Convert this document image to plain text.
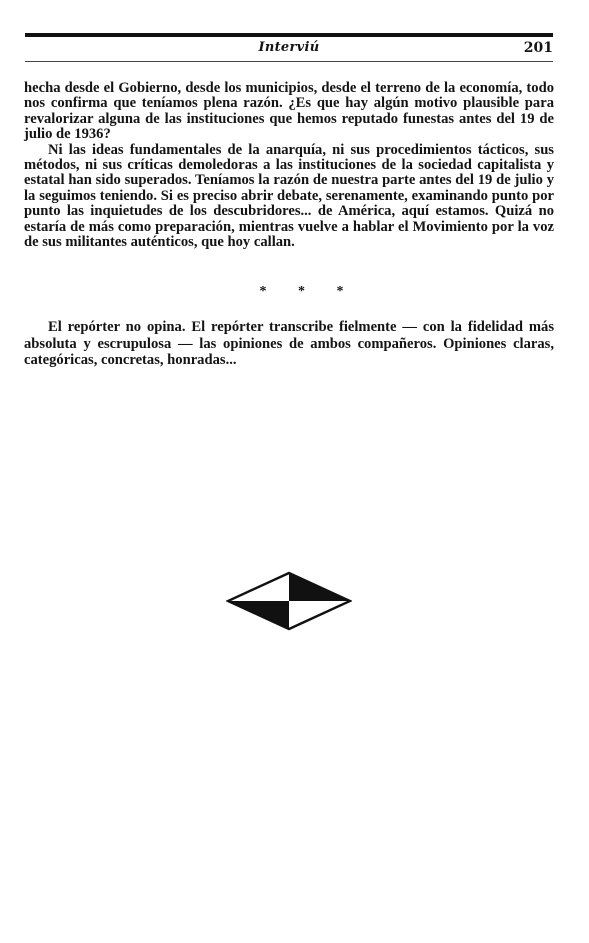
Interviú	201

hecha desde el Gobierno, desde los municipios, desde el terreno de la economía, todo nos confirma que teníamos plena razón. ¿Es que hay algún motivo plausible para revalorizar alguna de las instituciones que hemos reputado funestas antes del 19 de julio de 1936?

Ni las ideas fundamentales de la anarquía, ni sus procedimientos tácticos, sus métodos, ni sus críticas demoledoras a las instituciones de la sociedad capitalista y estatal han sido superados. Teníamos la razón de nuestra parte antes del 19 de julio y la seguimos teniendo. Si es preciso abrir debate, serenamente, examinando punto por punto las inquietudes de los descubridores... de América, aquí estamos. Quizá no estaría de más como preparación, mientras vuelve a hablar el Movimiento por la voz de sus militantes auténticos, que hoy callan.

* * *

El repórter no opina. El repórter transcribe fielmente — con la fidelidad más absoluta y escrupulosa — las opiniones de ambos compañeros. Opiniones claras, categóricas, concretas, honradas...
